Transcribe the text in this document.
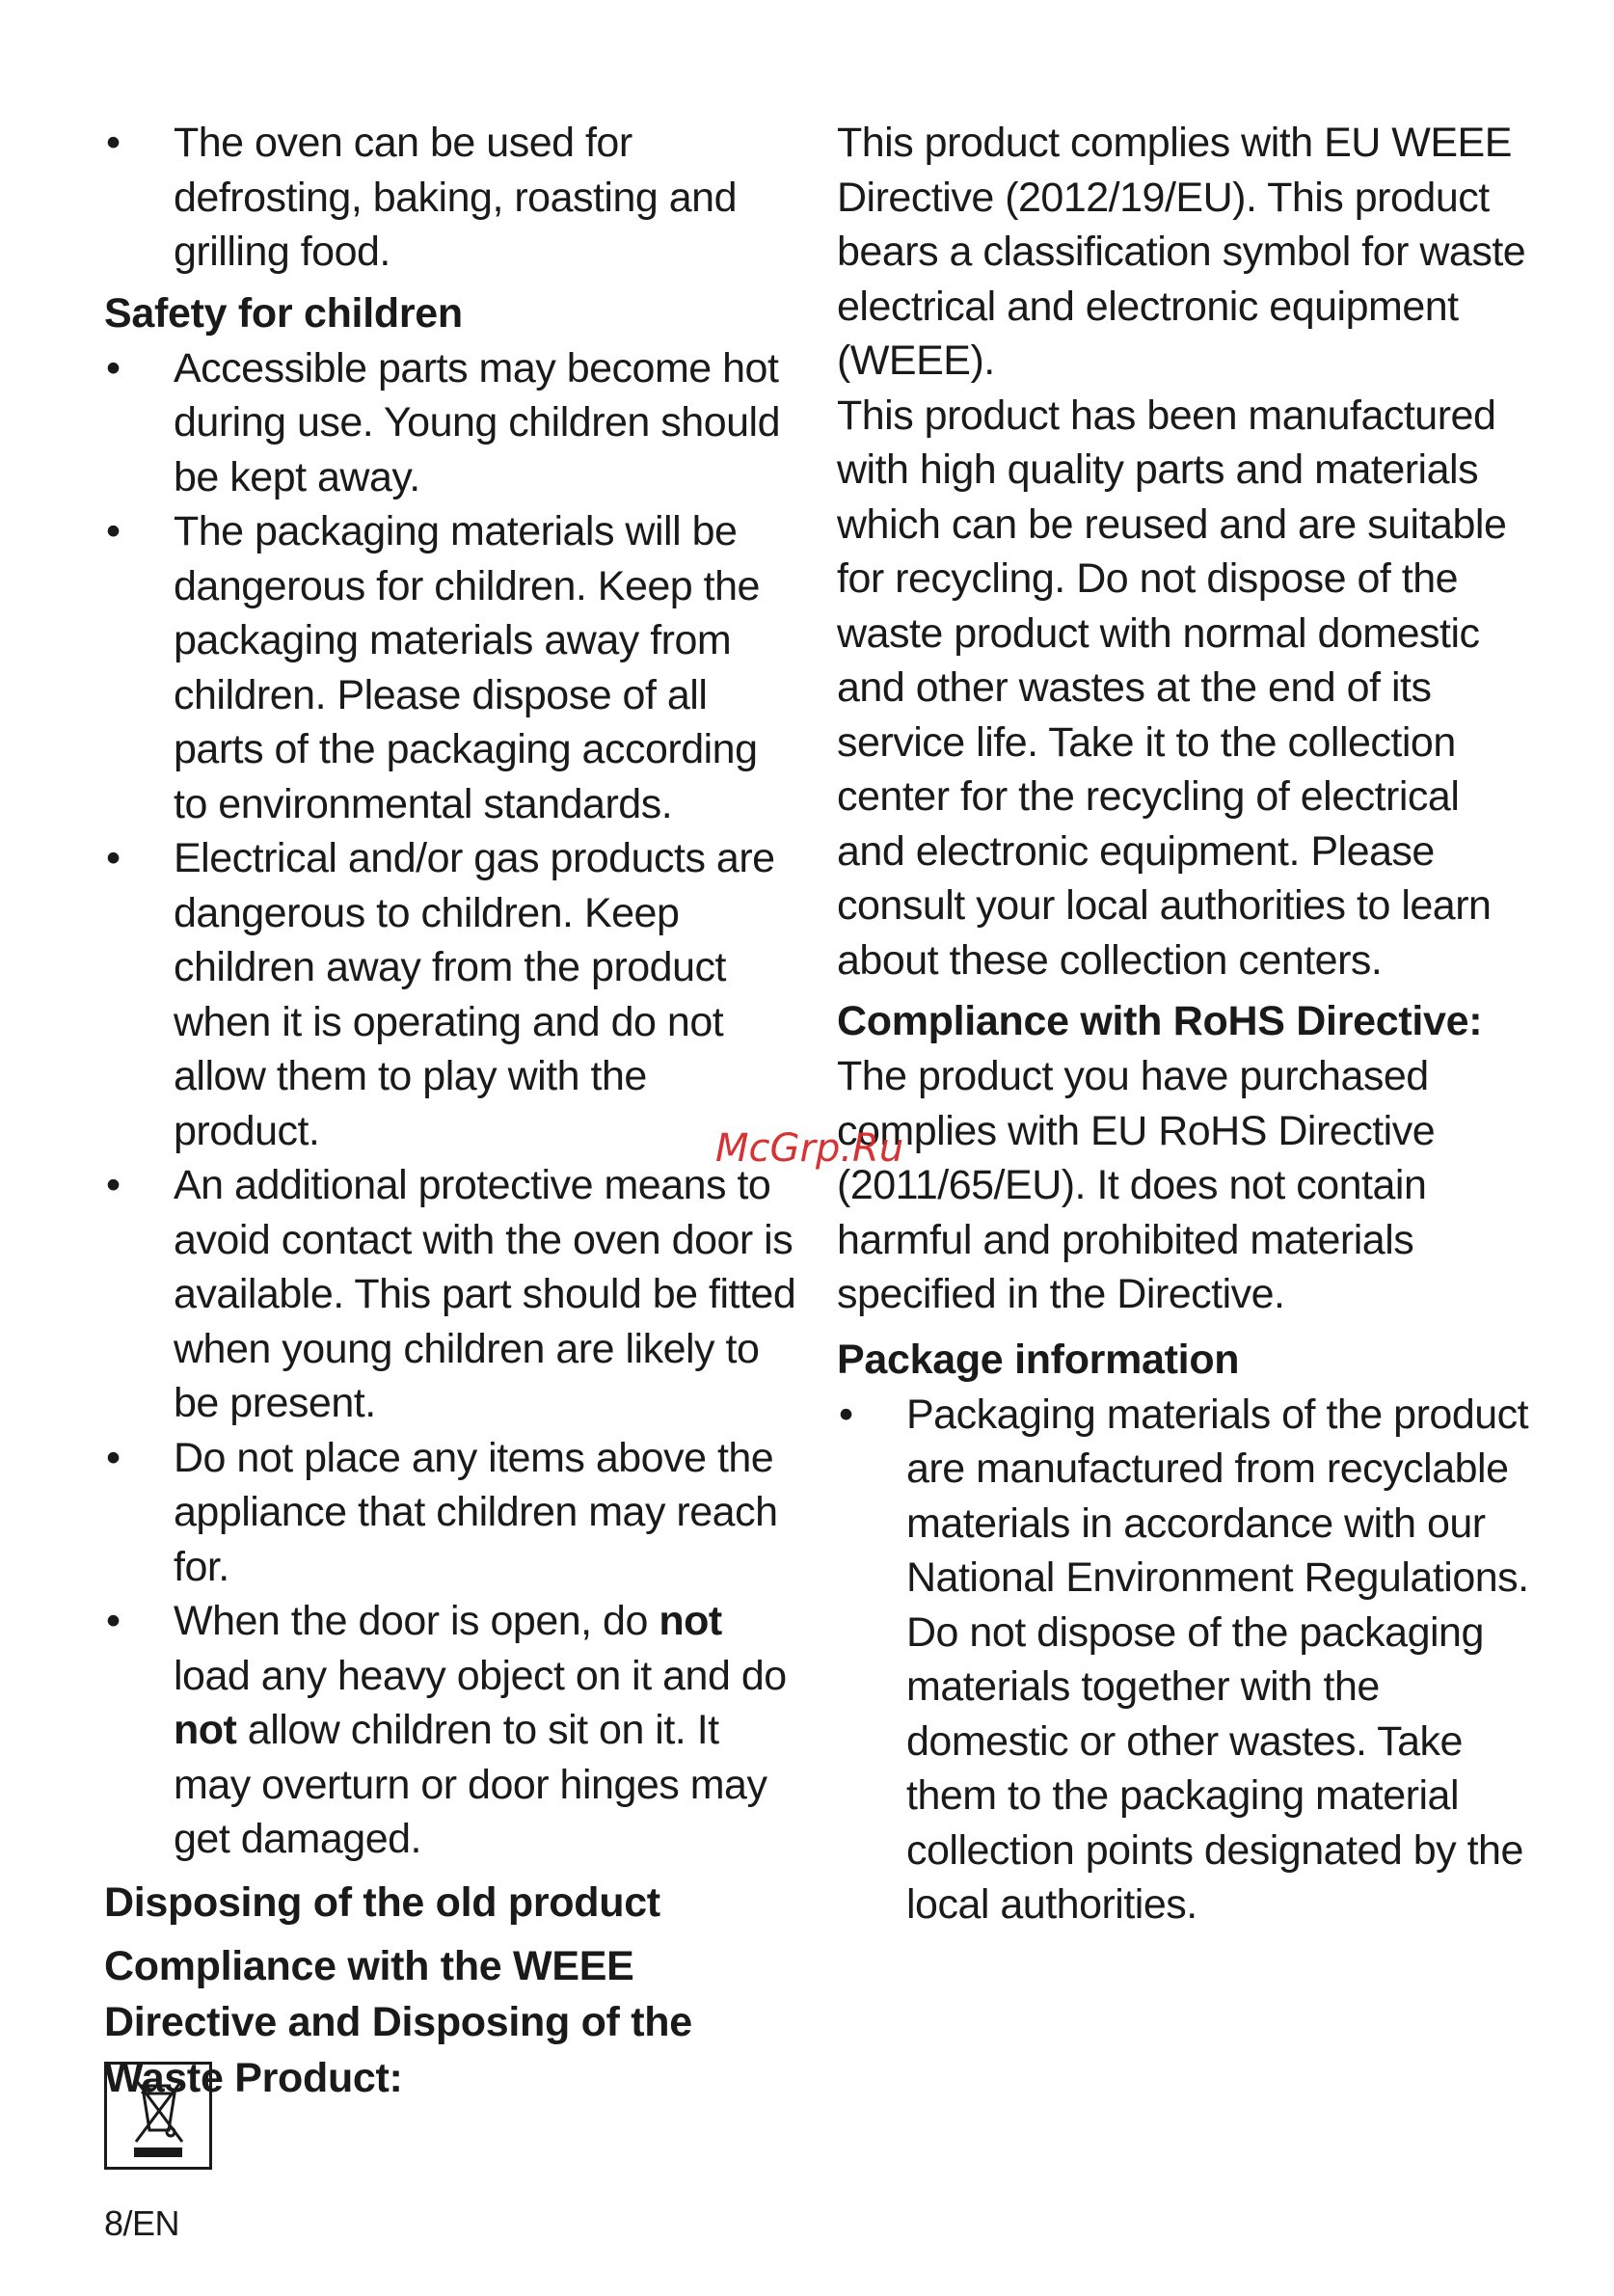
• The oven can be used for defrosting, baking, roasting and grilling food.
Safety for children
• Accessible parts may become hot during use. Young children should be kept away.
• The packaging materials will be dangerous for children. Keep the packaging materials away from children. Please dispose of all parts of the packaging according to environmental standards.
• Electrical and/or gas products are dangerous to children. Keep children away from the product when it is operating and do not allow them to play with the product.
• An additional protective means to avoid contact with the oven door is available. This part should be fitted when young children are likely to be present.
• Do not place any items above the appliance that children may reach for.
• When the door is open, do not load any heavy object on it and do not allow children to sit on it. It may overturn or door hinges may get damaged.
Disposing of the old product
Compliance with the WEEE Directive and Disposing of the Waste Product:

This product complies with EU WEEE Directive (2012/19/EU). This product bears a classification symbol for waste electrical and electronic equipment (WEEE).

This product has been manufactured with high quality parts and materials which can be reused and are suitable for recycling. Do not dispose of the waste product with normal domestic and other wastes at the end of its service life. Take it to the collection center for the recycling of electrical and electronic equipment. Please consult your local authorities to learn about these collection centers.

Compliance with RoHS Directive:

The product you have purchased complies with EU RoHS Directive (2011/65/EU). It does not contain harmful and prohibited materials specified in the Directive.

Package information
• Packaging materials of the product are manufactured from recyclable materials in accordance with our National Environment Regulations. Do not dispose of the packaging materials together with the domestic or other wastes. Take them to the packaging material collection points designated by the local authorities.
McGrp.Ru
8/EN
